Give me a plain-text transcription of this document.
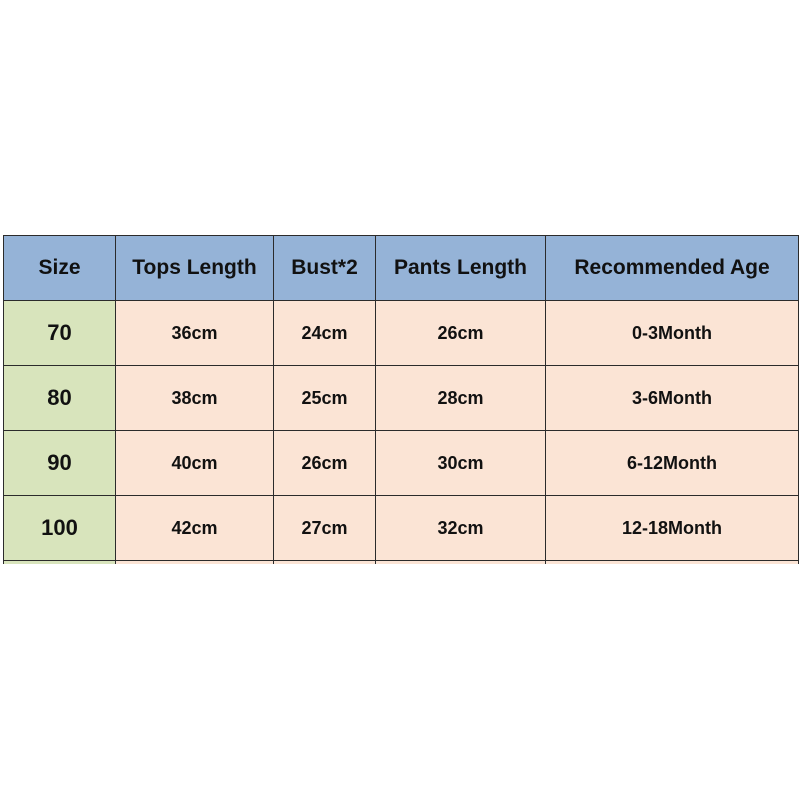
Size	Tops Length	Bust*2	Pants Length	Recommended Age
70	36cm	24cm	26cm	0-3Month
80	38cm	25cm	28cm	3-6Month
90	40cm	26cm	30cm	6-12Month
100	42cm	27cm	32cm	12-18Month
